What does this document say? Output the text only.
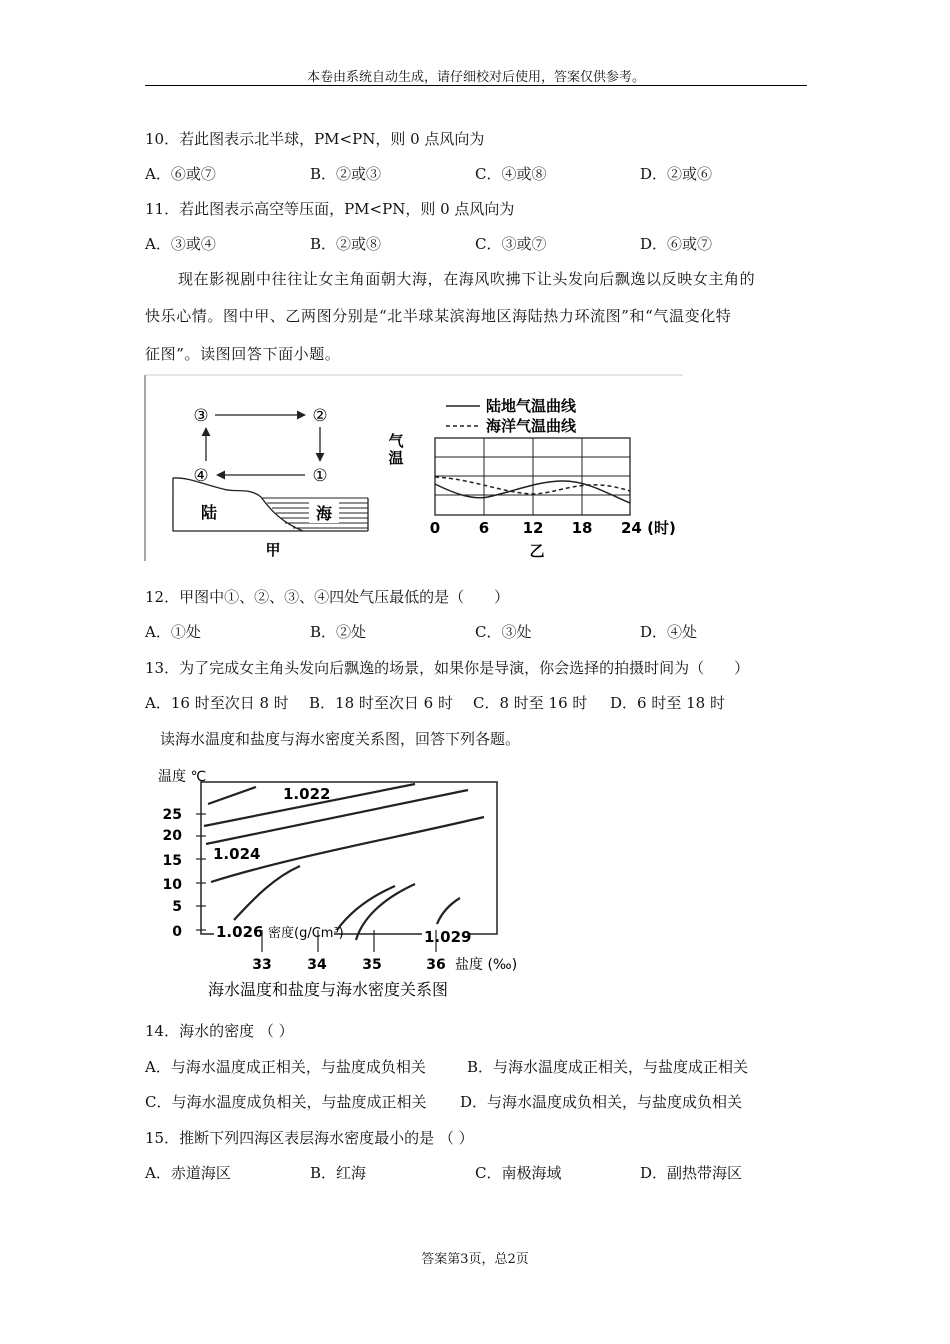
本卷由系统自动生成，请仔细校对后使用，答案仅供参考。
10．若此图表示北半球，PM<PN，则 0 点风向为
A．⑥或⑦	B．②或③	C．④或⑧	D．②或⑥
11．若此图表示高空等压面，PM<PN，则 0 点风向为
A．③或④	B．②或⑧	C．③或⑦	D．⑥或⑦
现在影视剧中往往让女主角面朝大海，在海风吹拂下让头发向后飘逸以反映女主角的
快乐心情。图中甲、乙两图分别是“北半球某滨海地区海陆热力环流图”和“气温变化特
征图”。读图回答下面小题。
③	②
④	①
陆	海
甲
陆地气温曲线
海洋气温曲线
气
温
0	6 12 18 24 (时)
乙
12．甲图中①、②、③、④四处气压最低的是（　　）
A．①处	B．②处	C．③处	D．④处
13．为了完成女主角头发向后飘逸的场景，如果你是导演，你会选择的拍摄时间为（　　）
A．16 时至次日 8 时 B．18 时至次日 6 时 C．8 时至 16 时 D．6 时至 18 时
读海水温度和盐度与海水密度关系图，回答下列各题。
温度 ℃
25
20
15
10
5
0
1.022
1.024
1.026 密度(g/Cm³)	1.029
33	34	35	36 盐度 (‰)
海水温度和盐度与海水密度关系图
14．海水的密度 （ ）
A．与海水温度成正相关，与盐度成负相关	B．与海水温度成正相关，与盐度成正相关
C．与海水温度成负相关，与盐度成正相关 D．与海水温度成负相关，与盐度成负相关
15．推断下列四海区表层海水密度最小的是 （ ）
A．赤道海区	B．红海	C．南极海域	D．副热带海区
答案第3页，总2页
